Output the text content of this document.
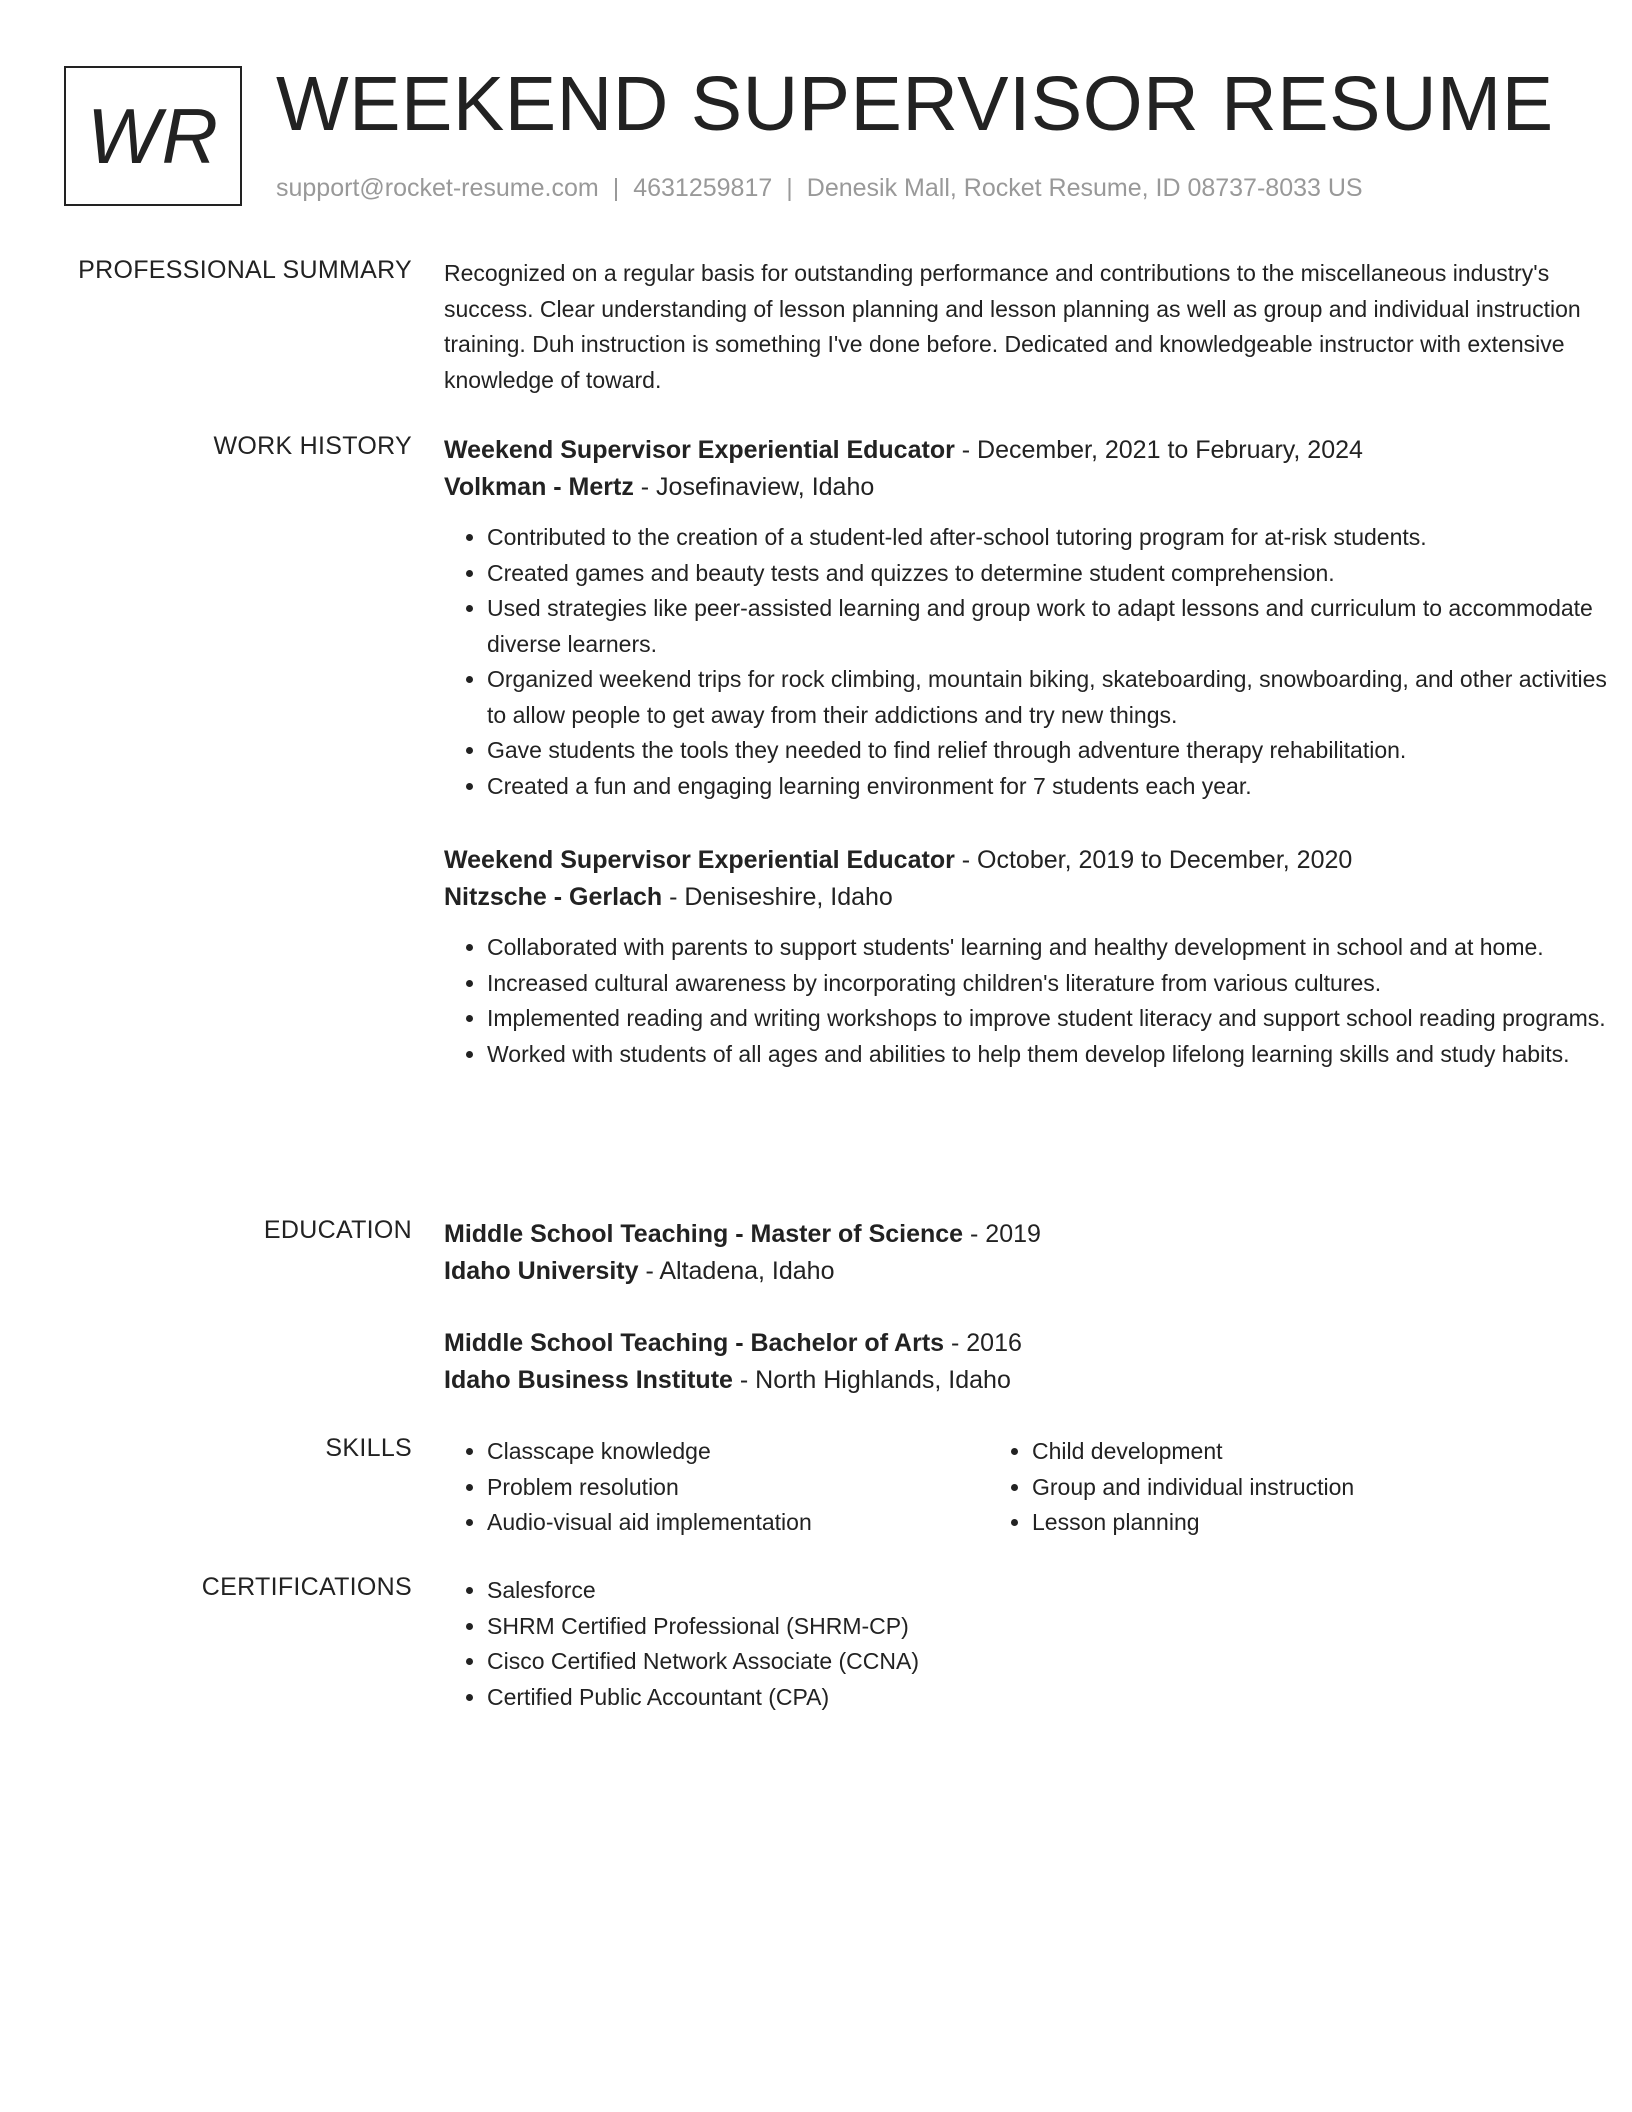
WR WEEKEND SUPERVISOR RESUME
support@rocket-resume.com | 4631259817 | Denesik Mall, Rocket Resume, ID 08737-8033 US
PROFESSIONAL SUMMARY Recognized on a regular basis for outstanding performance and contributions to the miscellaneous industry's success. Clear understanding of lesson planning and lesson planning as well as group and individual instruction training. Duh instruction is something I've done before. Dedicated and knowledgeable instructor with extensive knowledge of toward.
WORK HISTORY Weekend Supervisor Experiential Educator - December, 2021 to February, 2024
Volkman - Mertz - Josefinaview, Idaho
• Contributed to the creation of a student-led after-school tutoring program for at-risk students.
• Created games and beauty tests and quizzes to determine student comprehension.
• Used strategies like peer-assisted learning and group work to adapt lessons and curriculum to accommodate diverse learners.
• Organized weekend trips for rock climbing, mountain biking, skateboarding, snowboarding, and other activities to allow people to get away from their addictions and try new things.
• Gave students the tools they needed to find relief through adventure therapy rehabilitation.
• Created a fun and engaging learning environment for 7 students each year.
Weekend Supervisor Experiential Educator - October, 2019 to December, 2020
Nitzsche - Gerlach - Deniseshire, Idaho
• Collaborated with parents to support students' learning and healthy development in school and at home.
• Increased cultural awareness by incorporating children's literature from various cultures.
• Implemented reading and writing workshops to improve student literacy and support school reading programs.
• Worked with students of all ages and abilities to help them develop lifelong learning skills and study habits.
EDUCATION Middle School Teaching - Master of Science - 2019
Idaho University - Altadena, Idaho
Middle School Teaching - Bachelor of Arts - 2016
Idaho Business Institute - North Highlands, Idaho
SKILLS	• Classcape knowledge
• Problem resolution
• Audio-visual aid implementation
• Child development
• Group and individual instruction
• Lesson planning
CERTIFICATIONS	• Salesforce
• SHRM Certified Professional (SHRM-CP)
• Cisco Certified Network Associate (CCNA)
• Certified Public Accountant (CPA)
